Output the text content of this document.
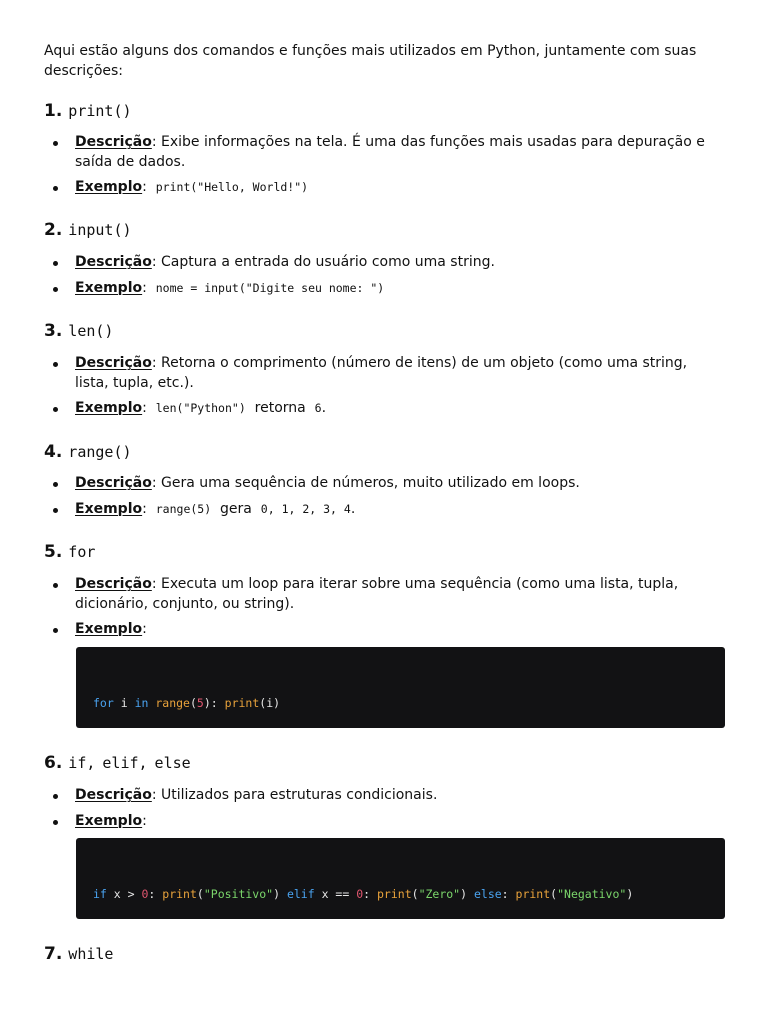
Aqui estão alguns dos comandos e funções mais utilizados em Python, juntamente com suas descrições:
1. print()
Descrição: Exibe informações na tela. É uma das funções mais usadas para depuração e saída de dados.
Exemplo:  print("Hello, World!")
2. input()
Descrição: Captura a entrada do usuário como uma string.
Exemplo:  nome = input("Digite seu nome: ")
3. len()
Descrição: Retorna o comprimento (número de itens) de um objeto (como uma string, lista, tupla, etc.).
Exemplo:  len("Python") retorna 6.
4. range()
Descrição: Gera uma sequência de números, muito utilizado em loops.
Exemplo:  range(5) gera 0, 1, 2, 3, 4.
5. for
Descrição: Executa um loop para iterar sobre uma sequência (como uma lista, tupla, dicionário, conjunto, ou string).
Exemplo:
for i in range(5): print(i)
6. if , elif , else
Descrição: Utilizados para estruturas condicionais.
Exemplo:
if x > 0: print("Positivo") elif x == 0: print("Zero") else: print("Negativo")
7. while
